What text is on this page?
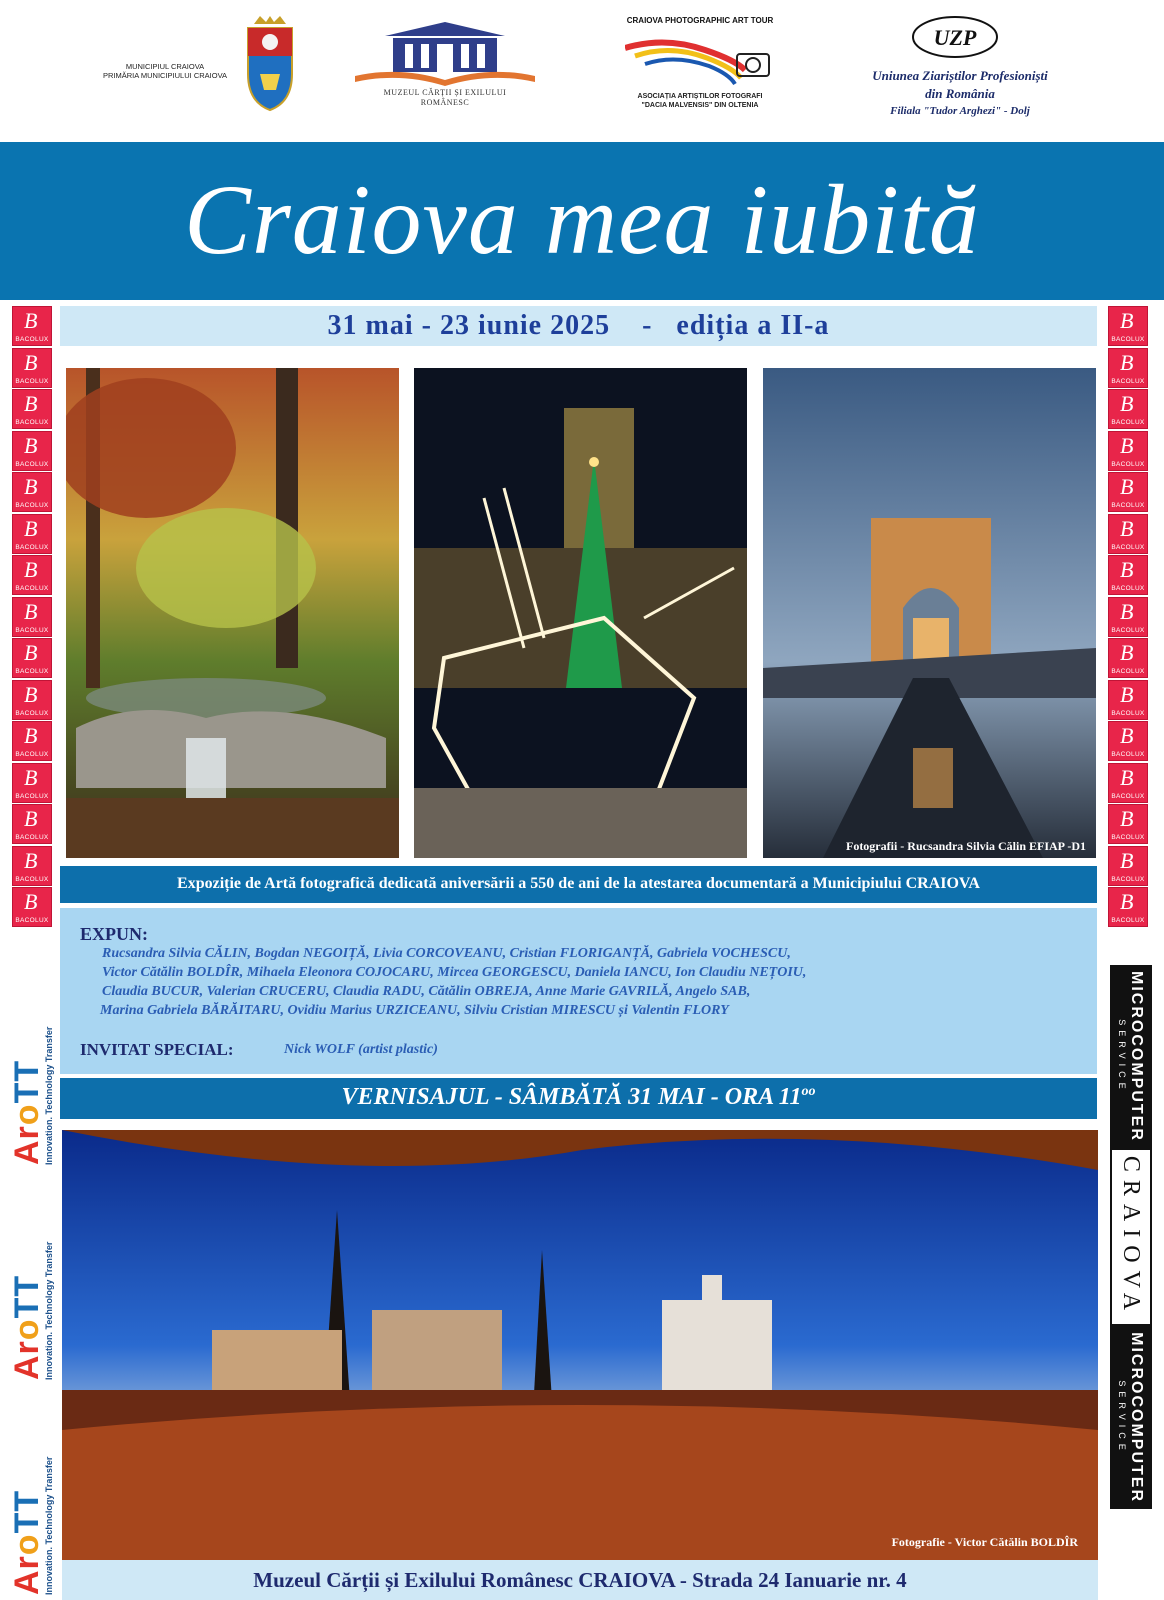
MUNICIPIUL CRAIOVA
PRIMĂRIA MUNICIPIULUI CRAIOVA
MUZEUL CĂRȚII ȘI EXILULUI
ROMÂNESC
CRAIOVA PHOTOGRAPHIC ART TOUR
ASOCIAȚIA ARTIȘTILOR FOTOGRAFI
"DACIA MALVENSIS" DIN OLTENIA
UZP
Uniunea Ziariștilor Profesioniști
din România
Filiala "Tudor Arghezi" - Dolj
Craiova mea iubită
B
BACOLUX
B
BACOLUX
B
BACOLUX
B
BACOLUX
B
BACOLUX
B
BACOLUX
B
BACOLUX
B
BACOLUX
B
BACOLUX
B
BACOLUX
B
BACOLUX
B
BACOLUX
B
BACOLUX
B
BACOLUX
B
BACOLUX
B
BACOLUX
B
BACOLUX
B
BACOLUX
B
BACOLUX
B
BACOLUX
B
BACOLUX
B
BACOLUX
B
BACOLUX
B
BACOLUX
B
BACOLUX
B
BACOLUX
B
BACOLUX
B
BACOLUX
B
BACOLUX
B
BACOLUX
AroTT
Innovation. Technology Transfer
AroTT
Innovation. Technology Transfer
AroTT
Innovation. Technology Transfer	MICROCOMPUTER
SERVICE
CRAIOVA
MICROCOMPUTER
SERVICE
31 mai - 23 iunie 2025    -   ediția a II-a
Fotografii - Rucsandra Silvia Călin EFIAP -D1
Expoziție de Artă fotografică dedicată aniversării a 550 de ani de la atestarea documentară a Municipiului CRAIOVA
EXPUN:
Rucsandra Silvia CĂLIN, Bogdan NEGOIȚĂ, Livia CORCOVEANU, Cristian FLORIGANȚĂ, Gabriela VOCHESCU,
Victor Cătălin BOLDÎR, Mihaela Eleonora COJOCARU, Mircea GEORGESCU, Daniela IANCU, Ion Claudiu NEȚOIU,
Claudia BUCUR, Valerian CRUCERU, Claudia RADU, Cătălin OBREJA, Anne Marie GAVRILĂ, Angelo SAB,
Marina Gabriela BĂRĂITARU, Ovidiu Marius URZICEANU, Silviu Cristian MIRESCU și Valentin FLORY
INVITAT SPECIAL:	Nick WOLF (artist plastic)
VERNISAJUL - SÂMBĂTĂ 31 MAI - ORA $11^{oo}$
Fotografie - Victor Cătălin BOLDÎR
Muzeul Cărții și Exilului Românesc CRAIOVA - Strada 24 Ianuarie nr. 4
